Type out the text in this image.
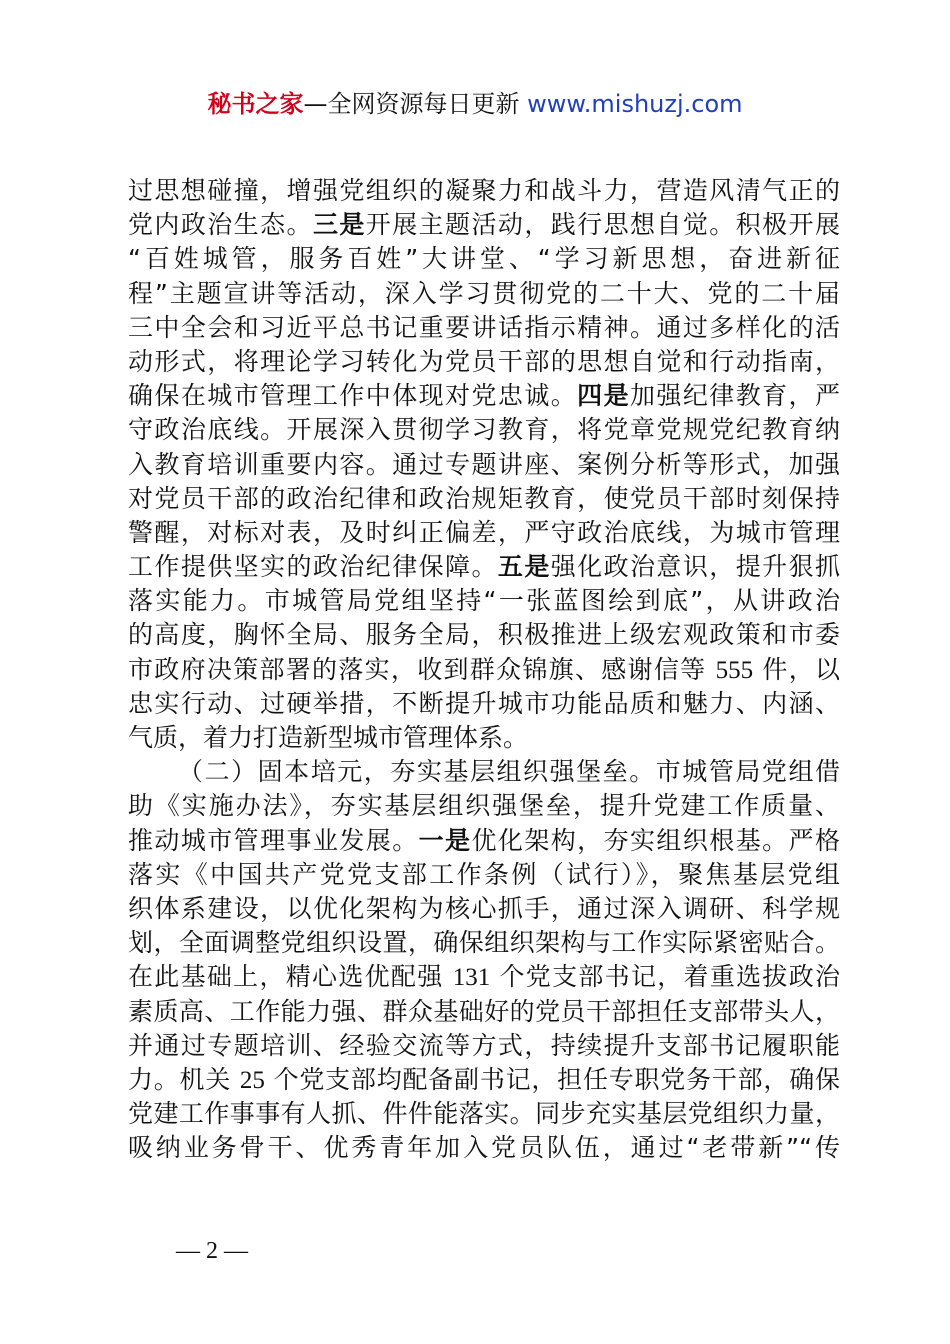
秘书之家—全网资源每日更新 www.mishuzj.com
过思想碰撞，增强党组织的凝聚力和战斗力，营造风清气正的
党内政治生态。三是开展主题活动，践行思想自觉。积极开展
“百姓城管，服务百姓”大讲堂、“学习新思想，奋进新征
程”主题宣讲等活动，深入学习贯彻党的二十大、党的二十届
三中全会和习近平总书记重要讲话指示精神。通过多样化的活
动形式，将理论学习转化为党员干部的思想自觉和行动指南，
确保在城市管理工作中体现对党忠诚。四是加强纪律教育，严
守政治底线。开展深入贯彻学习教育，将党章党规党纪教育纳
入教育培训重要内容。通过专题讲座、案例分析等形式，加强
对党员干部的政治纪律和政治规矩教育，使党员干部时刻保持
警醒，对标对表，及时纠正偏差，严守政治底线，为城市管理
工作提供坚实的政治纪律保障。五是强化政治意识，提升狠抓
落实能力。市城管局党组坚持“一张蓝图绘到底”，从讲政治
的高度，胸怀全局、服务全局，积极推进上级宏观政策和市委
市政府决策部署的落实，收到群众锦旗、感谢信等 555 件，以
忠实行动、过硬举措，不断提升城市功能品质和魅力、内涵、
气质，着力打造新型城市管理体系。
（二）固本培元，夯实基层组织强堡垒。市城管局党组借
助《实施办法》，夯实基层组织强堡垒，提升党建工作质量、
推动城市管理事业发展。一是优化架构，夯实组织根基。严格
落实《中国共产党党支部工作条例（试行）》，聚焦基层党组
织体系建设，以优化架构为核心抓手，通过深入调研、科学规
划，全面调整党组织设置，确保组织架构与工作实际紧密贴合。
在此基础上，精心选优配强 131 个党支部书记，着重选拔政治
素质高、工作能力强、群众基础好的党员干部担任支部带头人，
并通过专题培训、经验交流等方式，持续提升支部书记履职能
力。机关 25 个党支部均配备副书记，担任专职党务干部，确保
党建工作事事有人抓、件件能落实。同步充实基层党组织力量，
吸纳业务骨干、优秀青年加入党员队伍，通过“老带新”“传
— 2 —
